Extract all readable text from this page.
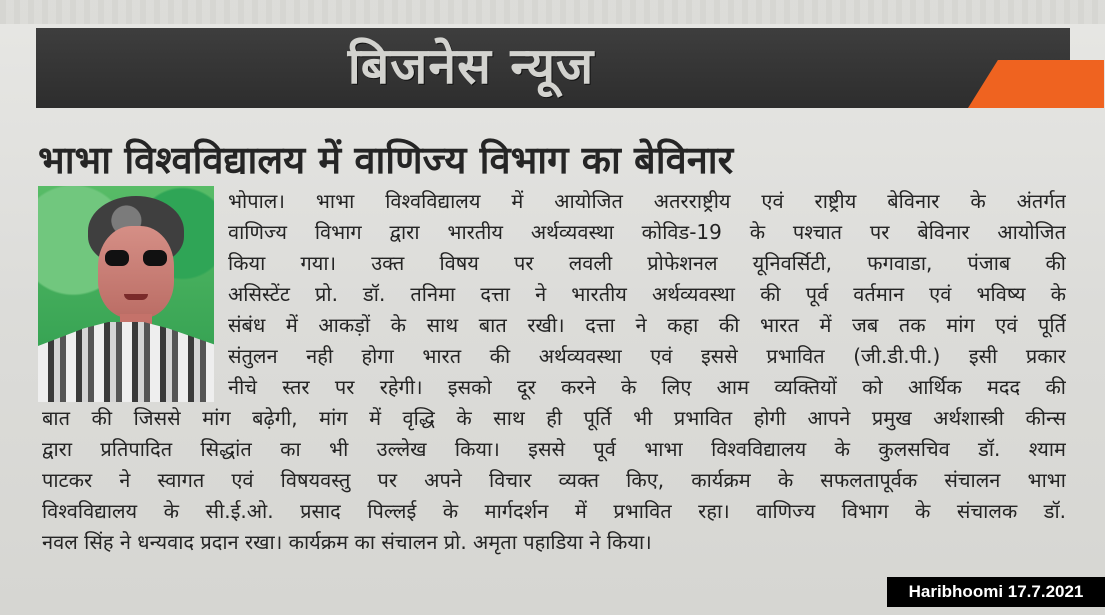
बिजनेस न्यूज
भाभा विश्वविद्यालय में वाणिज्य विभाग का बेविनार
भोपाल। भाभा विश्वविद्यालय में आयोजित अतरराष्ट्रीय एवं राष्ट्रीय बेविनार के अंतर्गत
वाणिज्य विभाग द्वारा भारतीय अर्थव्यवस्था कोविड-19 के पश्चात पर बेविनार आयोजित
किया गया। उक्त विषय पर लवली प्रोफेशनल यूनिवर्सिटी, फगवाडा, पंजाब की
असिस्टेंट प्रो. डॉ. तनिमा दत्ता ने भारतीय अर्थव्यवस्था की पूर्व वर्तमान एवं भविष्य के
संबंध में आकड़ों के साथ बात रखी। दत्ता ने कहा की भारत में जब तक मांग एवं पूर्ति
संतुलन नही होगा भारत की अर्थव्यवस्था एवं इससे प्रभावित (जी.डी.पी.) इसी प्रकार
नीचे स्तर पर रहेगी। इसको दूर करने के लिए आम व्यक्तियों को आर्थिक मदद की
बात की जिससे मांग बढ़ेगी, मांग में वृद्धि के साथ ही पूर्ति भी प्रभावित होगी आपने प्रमुख अर्थशास्त्री कीन्स
द्वारा प्रतिपादित सिद्धांत का भी उल्लेख किया। इससे पूर्व भाभा विश्वविद्यालय के कुलसचिव डॉ. श्याम
पाटकर ने स्वागत एवं विषयवस्तु पर अपने विचार व्यक्त किए, कार्यक्रम के सफलतापूर्वक संचालन भाभा
विश्वविद्यालय के सी.ई.ओ. प्रसाद पिल्लई के मार्गदर्शन में प्रभावित रहा। वाणिज्य विभाग के संचालक डॉ.
नवल सिंह ने धन्यवाद प्रदान रखा। कार्यक्रम का संचालन प्रो. अमृता पहाडिया ने किया।
Haribhoomi 17.7.2021
